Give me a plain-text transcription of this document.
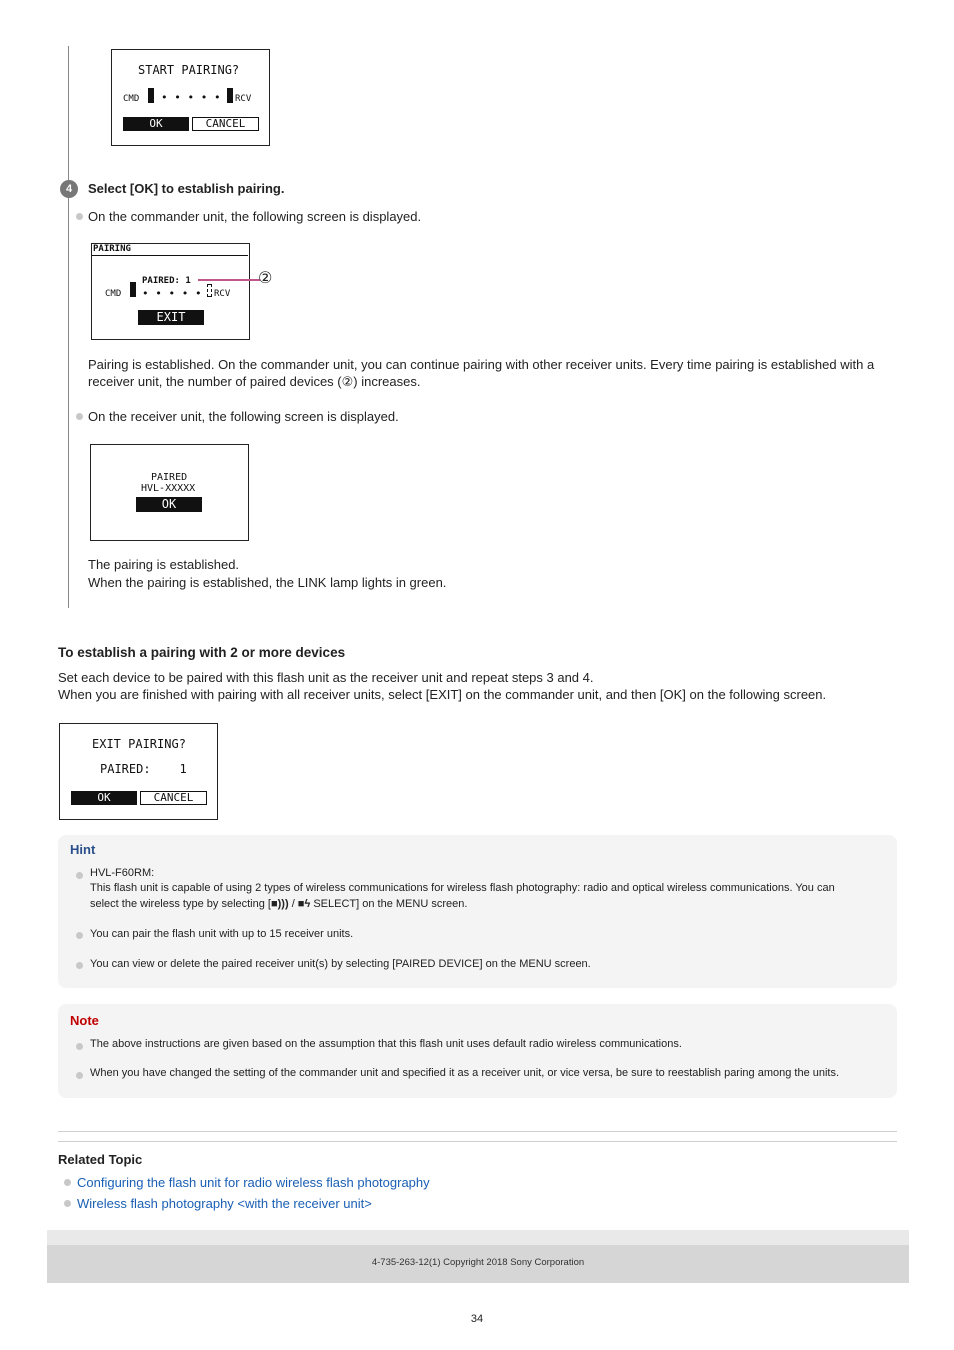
START PAIRING?
CMD • • • • • RCV
OK	CANCEL
4	Select [OK] to establish pairing.
On the commander unit, the following screen is displayed.
PAIRING
PAIRED: 1
CMD • • • • • RCV
EXIT
②
Pairing is established. On the commander unit, you can continue pairing with other receiver units. Every time pairing is established with a
receiver unit, the number of paired devices (②) increases.
On the receiver unit, the following screen is displayed.
PAIRED
HVL-XXXXX
OK
The pairing is established.
When the pairing is established, the LINK lamp lights in green.
To establish a pairing with 2 or more devices
Set each device to be paired with this flash unit as the receiver unit and repeat steps 3 and 4.
When you are finished with pairing with all receiver units, select [EXIT] on the commander unit, and then [OK] on the following screen.
EXIT PAIRING?
PAIRED:    1
OK	CANCEL
Hint
HVL-F60RM:
This flash unit is capable of using 2 types of wireless communications for wireless flash photography: radio and optical wireless communications. You can
select the wireless type by selecting [■))) / ■ϟ SELECT] on the MENU screen.
You can pair the flash unit with up to 15 receiver units.
You can view or delete the paired receiver unit(s) by selecting [PAIRED DEVICE] on the MENU screen.
Note
The above instructions are given based on the assumption that this flash unit uses default radio wireless communications.
When you have changed the setting of the commander unit and specified it as a receiver unit, or vice versa, be sure to reestablish paring among the units.
Related Topic
Configuring the flash unit for radio wireless flash photography
Wireless flash photography <with the receiver unit>
4-735-263-12(1) Copyright 2018 Sony Corporation
34
